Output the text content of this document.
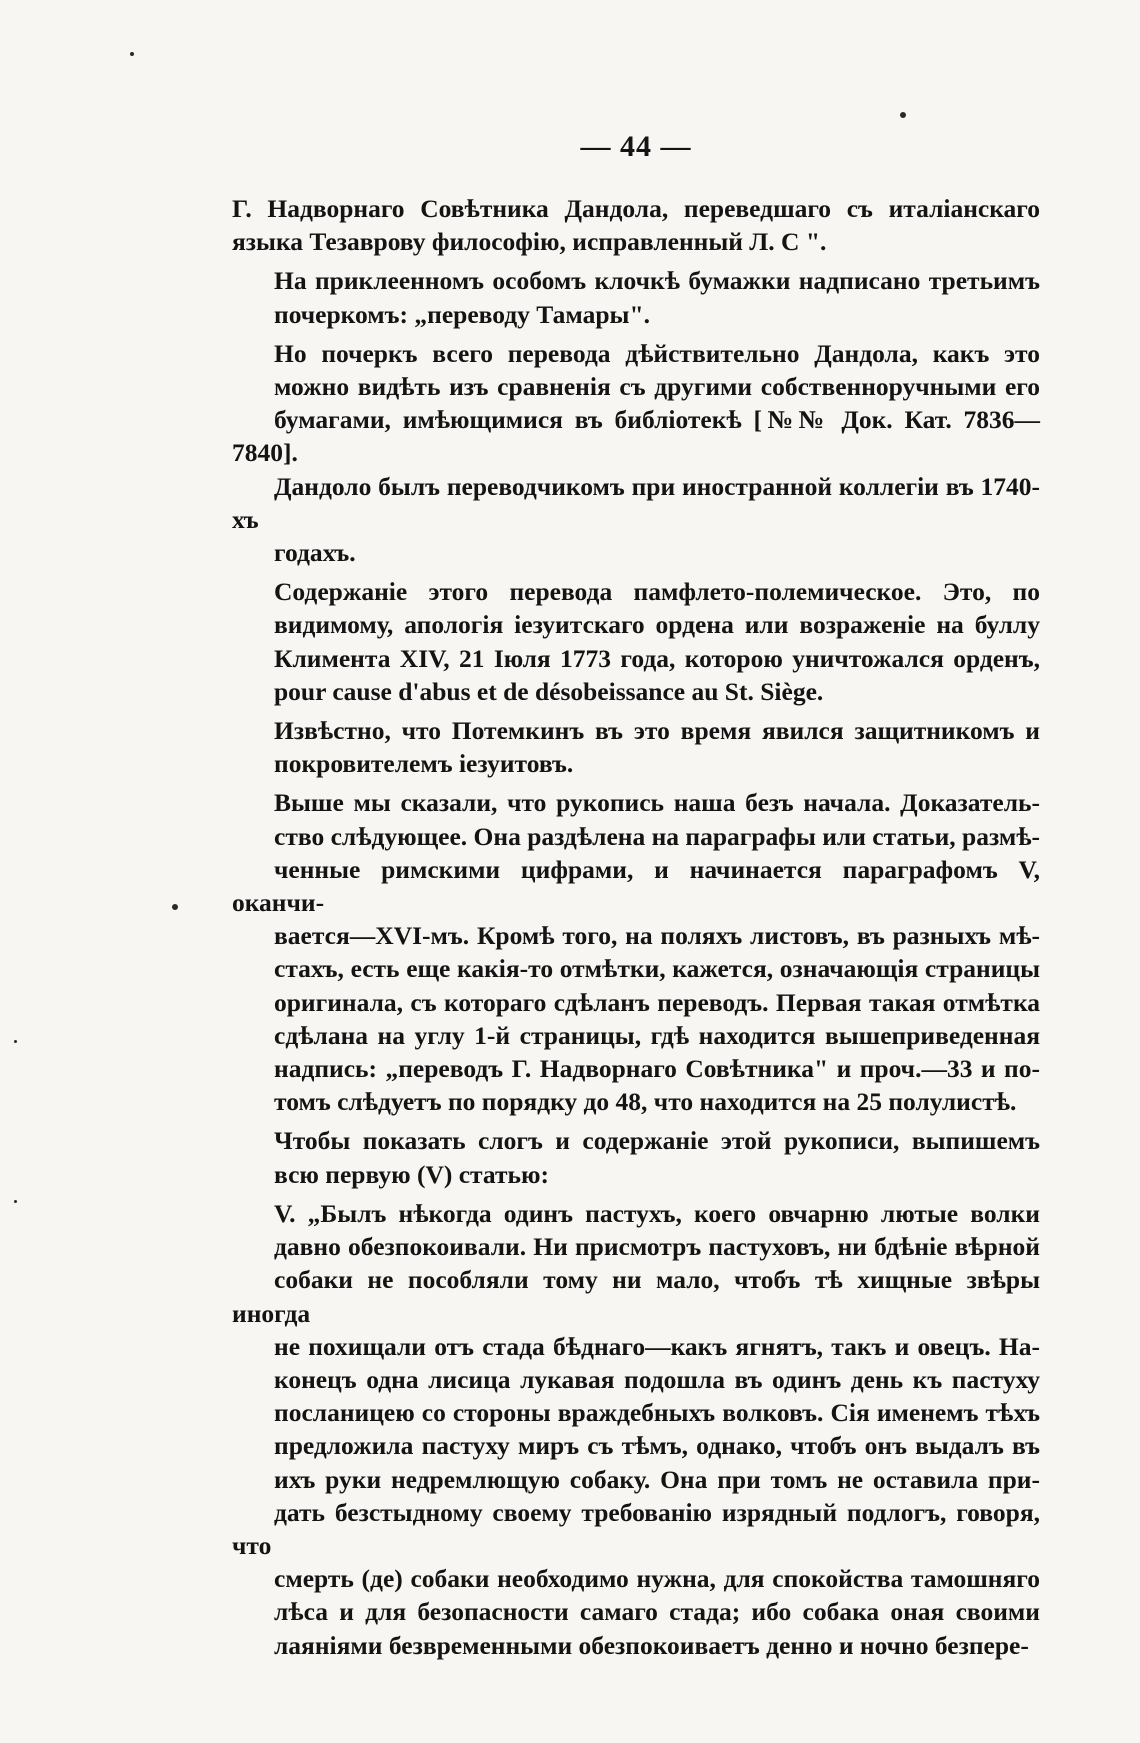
— 44 —
Г. Надворнаго Совѣтника Дандола, переведшаго съ италіанскаго
языка Тезаврову философію, исправленный Л. С ".
На приклеенномъ особомъ клочкѣ бумажки надписано третьимъ
почеркомъ: „переводу Тамары".
Но почеркъ всего перевода дѣйствительно Дандола, какъ это
можно видѣть изъ сравненія съ другими собственноручными его
бумагами, имѣющимися въ библіотекѣ [№№ Док. Кат. 7836—7840].
Дандоло былъ переводчикомъ при иностранной коллегіи въ 1740-хъ
годахъ.
Содержаніе этого перевода памфлето-полемическое. Это, по
видимому, апологія іезуитскаго ордена или возраженіе на буллу
Климента XIV, 21 Іюля 1773 года, которою уничтожался орденъ,
pour cause d'abus et de désobeissance au St. Siège.
Извѣстно, что Потемкинъ въ это время явился защитникомъ и
покровителемъ іезуитовъ.
Выше мы сказали, что рукопись наша безъ начала. Доказатель-
ство слѣдующее. Она раздѣлена на параграфы или статьи, размѣ-
ченные римскими цифрами, и начинается параграфомъ V, оканчи-
вается—XVI-мъ. Кромѣ того, на поляхъ листовъ, въ разныхъ мѣ-
стахъ, есть еще какія-то отмѣтки, кажется, означающія страницы
оригинала, съ котораго сдѣланъ переводъ. Первая такая отмѣтка
сдѣлана на углу 1-й страницы, гдѣ находится вышеприведенная
надпись: „переводъ Г. Надворнаго Совѣтника" и проч.—33 и по-
томъ слѣдуетъ по порядку до 48, что находится на 25 полулистѣ.
Чтобы показать слогъ и содержаніе этой рукописи, выпишемъ
всю первую (V) статью:
V. „Былъ нѣкогда одинъ пастухъ, коего овчарню лютые волки
давно обезпокоивали. Ни присмотръ пастуховъ, ни бдѣніе вѣрной
собаки не пособляли тому ни мало, чтобъ тѣ хищные звѣры иногда
не похищали отъ стада бѣднаго—какъ ягнятъ, такъ и овецъ. На-
конецъ одна лисица лукавая подошла въ одинъ день къ пастуху
посланицею со стороны враждебныхъ волковъ. Сія именемъ тѣхъ
предложила пастуху миръ съ тѣмъ, однако, чтобъ онъ выдалъ въ
ихъ руки недремлющую собаку. Она при томъ не оставила при-
дать безстыдному своему требованію изрядный подлогъ, говоря, что
смерть (де) собаки необходимо нужна, для спокойства тамошняго
лѣса и для безопасности самаго стада; ибо собака оная своими
лаяніями безвременными обезпокоиваетъ денно и ночно безпере-
